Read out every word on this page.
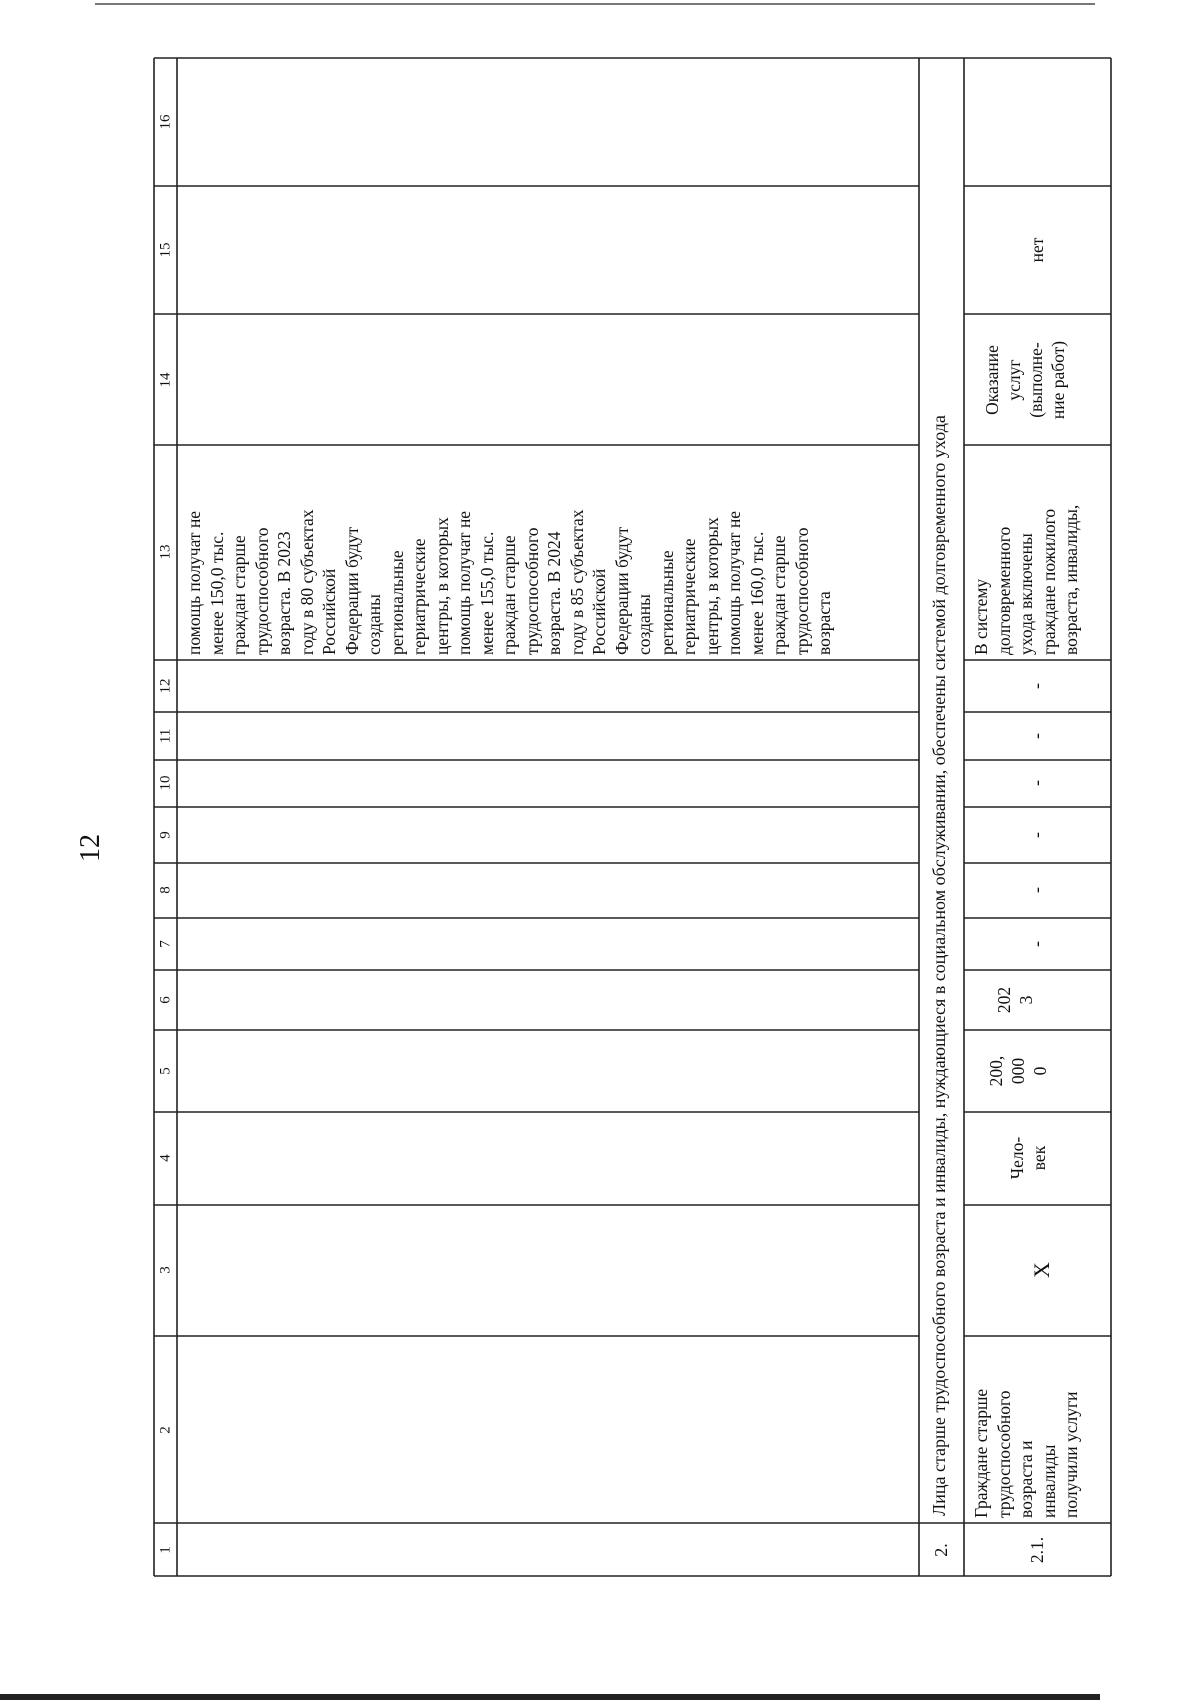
12
1
2
3
4
5
6
7
8
9
10
11
12
13
14
15
16
помощь получат не
менее 150,0 тыс.
граждан старше
трудоспособного
возраста. В 2023
году в 80 субъектах
Российской
Федерации будут
созданы
региональные
гериатрические
центры, в которых
помощь получат не
менее 155,0 тыс.
граждан старше
трудоспособного
возраста. В 2024
году в 85 субъектах
Российской
Федерации будут
созданы
региональные
гериатрические
центры, в которых
помощь получат не
менее 160,0 тыс.
граждан старше
трудоспособного
возраста
2.
Лица старше трудоспособного возраста и инвалиды, нуждающиеся в социальном обслуживании, обеспечены системой долговременного ухода
2.1.
Граждане старше
трудоспособного
возраста и
инвалиды
получили услуги
X
Чело-
век
200,
000
0
202
3
-
-
-
-
-
-
В систему
долговременного
ухода включены
граждане пожилого
возраста, инвалиды,
Оказание
услуг
(выполне-
ние работ)
нет
